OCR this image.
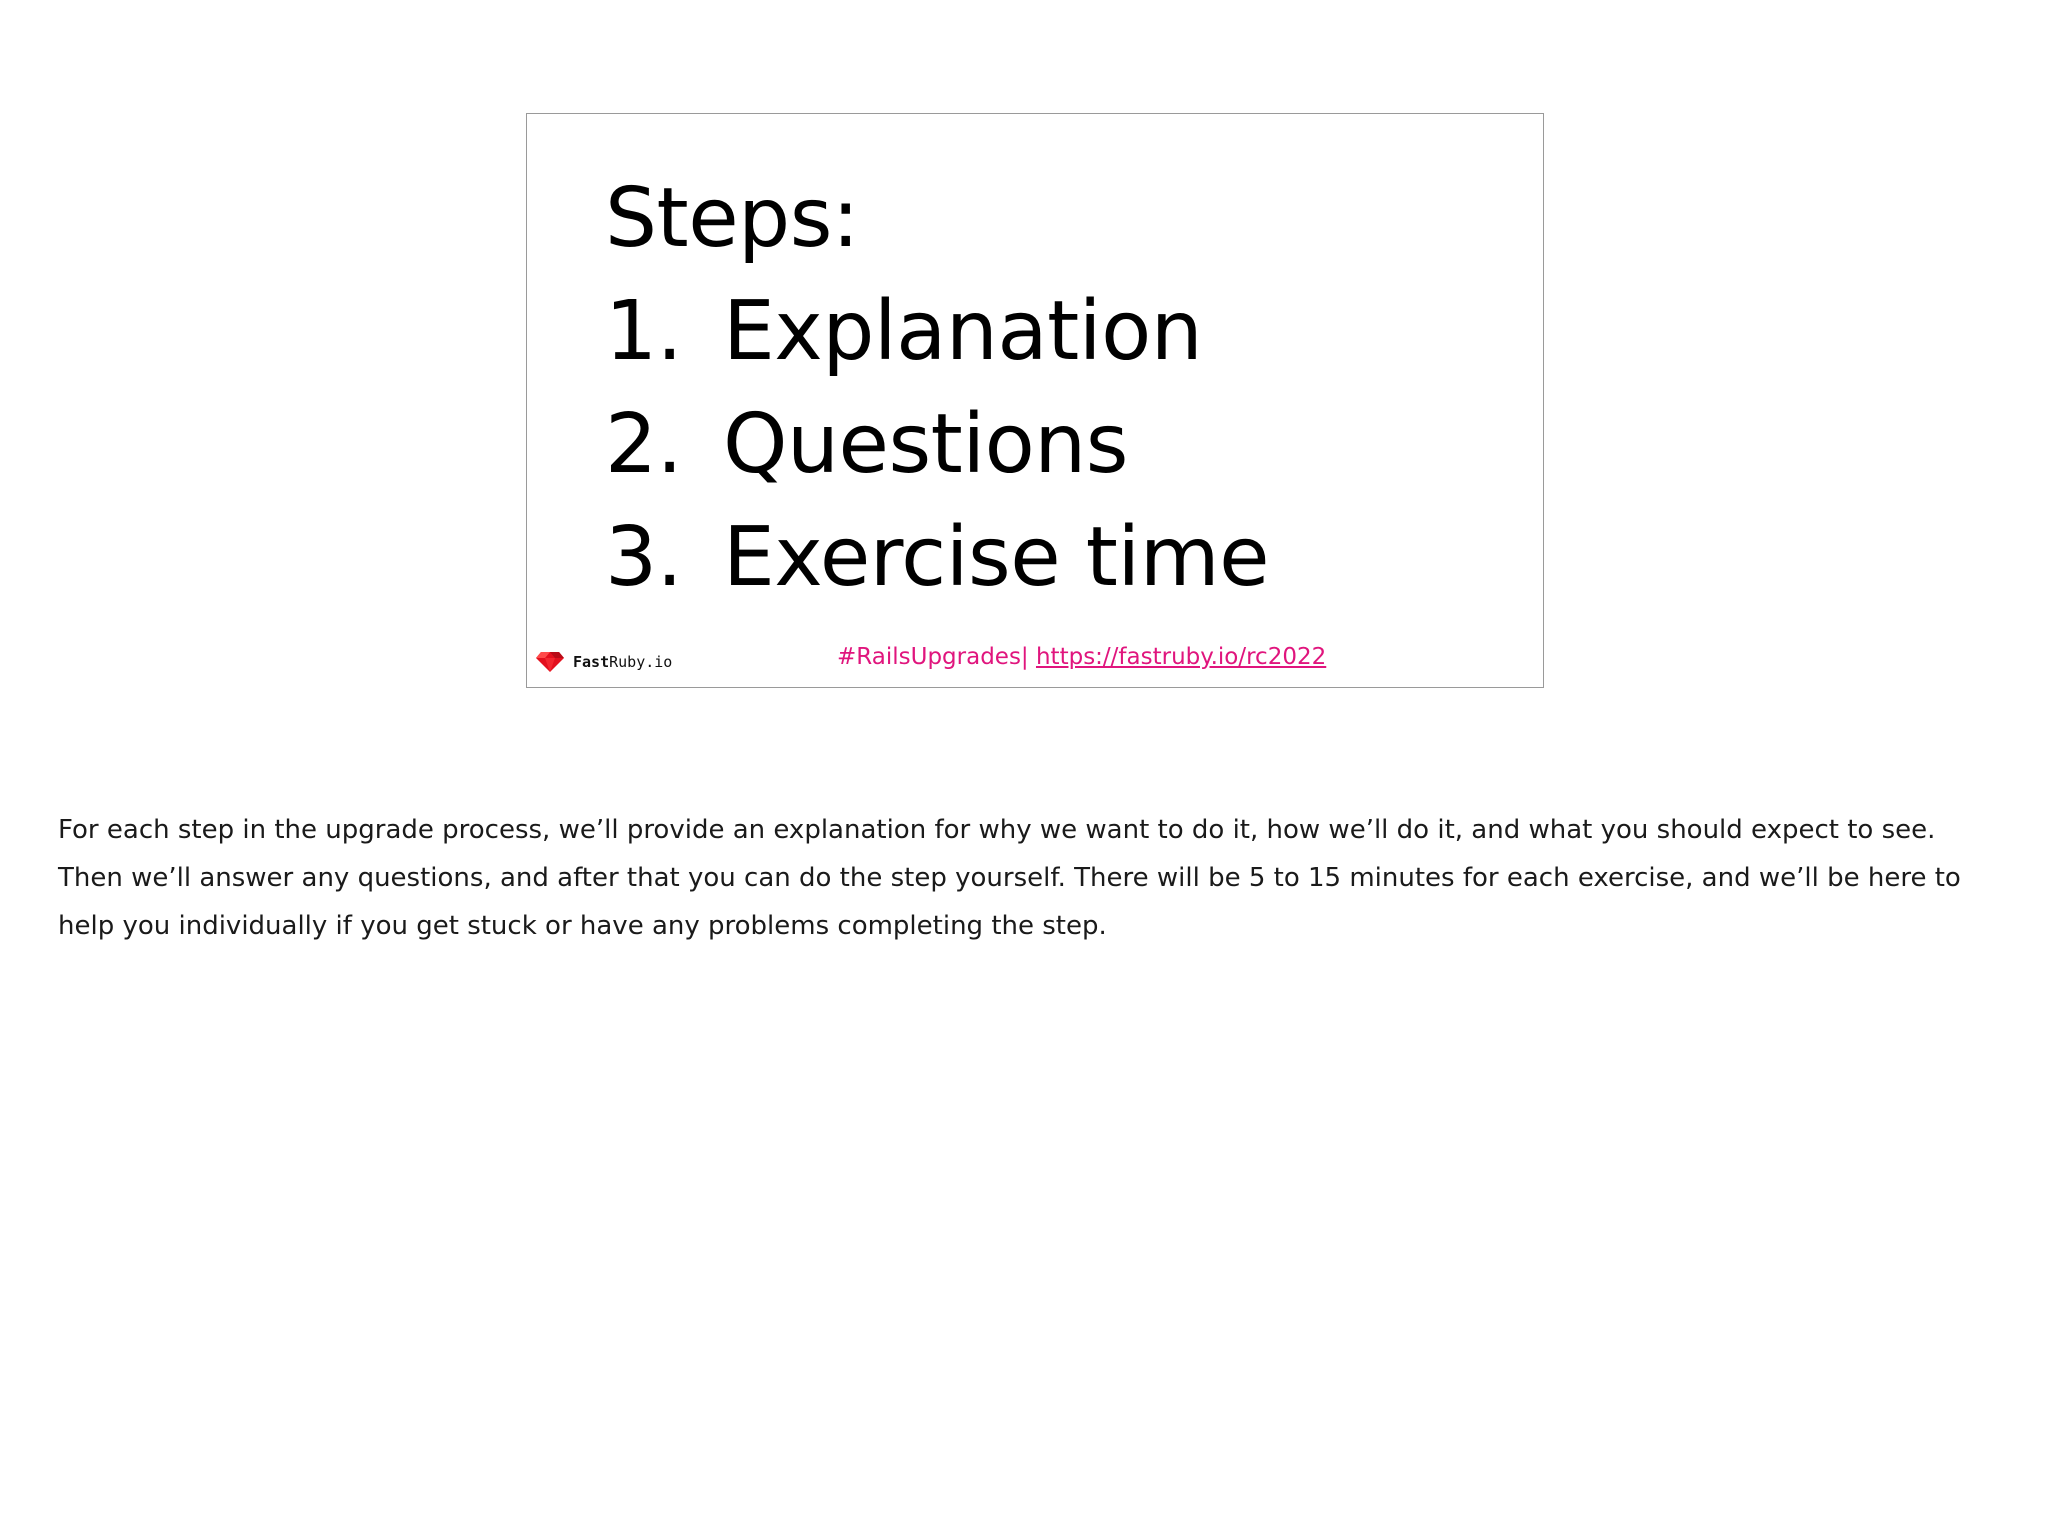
Steps:
1. Explanation
2. Questions
3. Exercise time
FastRuby.io	#RailsUpgrades| https://fastruby.io/rc2022

For each step in the upgrade process, we’ll provide an explanation for why we want to do it, how we’ll do it, and what you should expect to see. Then we’ll answer any questions, and after that you can do the step yourself. There will be 5 to 15 minutes for each exercise, and we’ll be here to help you individually if you get stuck or have any problems completing the step.
